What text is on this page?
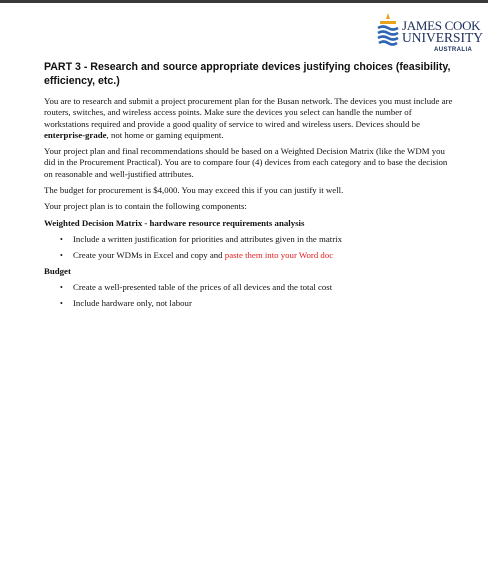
JAMES COOK
UNIVERSITY
AUSTRALIA
PART 3 - Research and source appropriate devices justifying choices (feasibility, efficiency, etc.)

You are to research and submit a project procurement plan for the Busan network. The devices you must include are routers, switches, and wireless access points. Make sure the devices you select can handle the number of workstations required and provide a good quality of service to wired and wireless users. Devices should be enterprise-grade, not home or gaming equipment.

Your project plan and final recommendations should be based on a Weighted Decision Matrix (like the WDM you did in the Procurement Practical). You are to compare four (4) devices from each category and to base the decision on reasonable and well-justified attributes.

The budget for procurement is $4,000. You may exceed this if you can justify it well.

Your project plan is to contain the following components:

Weighted Decision Matrix - hardware resource requirements analysis
• Include a written justification for priorities and attributes given in the matrix
• Create your WDMs in Excel and copy and paste them into your Word doc
Budget
• Create a well-presented table of the prices of all devices and the total cost
• Include hardware only, not labour
